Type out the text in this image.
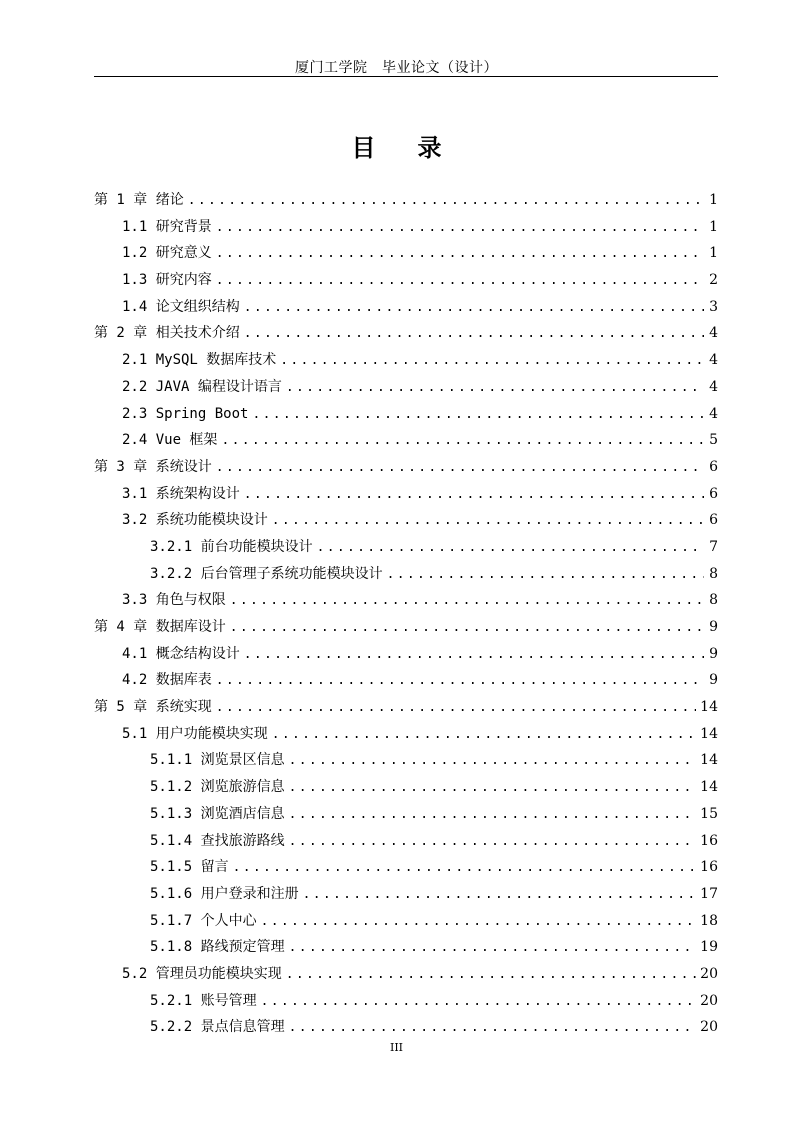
厦门工学院　毕业论文（设计）
目录
第 1 章 绪论 .....	1
1.1 研究背景 .....	1
1.2 研究意义 .....	1
1.3 研究内容 .....	2
1.4 论文组织结构 .....	3
第 2 章 相关技术介绍 .....	4
2.1 MySQL 数据库技术 .....	4
2.2 JAVA 编程设计语言 .....	4
2.3 Spring Boot .....	4
2.4 Vue 框架 .....	5
第 3 章 系统设计 .....	6
3.1 系统架构设计 .....	6
3.2 系统功能模块设计 .....	6
3.2.1 前台功能模块设计 .....	7
3.2.2 后台管理子系统功能模块设计 .....	8
3.3 角色与权限 .....	8
第 4 章 数据库设计 .....	9
4.1 概念结构设计 .....	9
4.2 数据库表 .....	9
第 5 章 系统实现 .....	14
5.1 用户功能模块实现 .....	14
5.1.1 浏览景区信息 .....	14
5.1.2 浏览旅游信息 .....	14
5.1.3 浏览酒店信息 .....	15
5.1.4 查找旅游路线 .....	16
5.1.5 留言 .....	16
5.1.6 用户登录和注册 .....	17
5.1.7 个人中心 .....	18
5.1.8 路线预定管理 .....	19
5.2 管理员功能模块实现 .....	20
5.2.1 账号管理 .....	20
5.2.2 景点信息管理 .....	20
III
